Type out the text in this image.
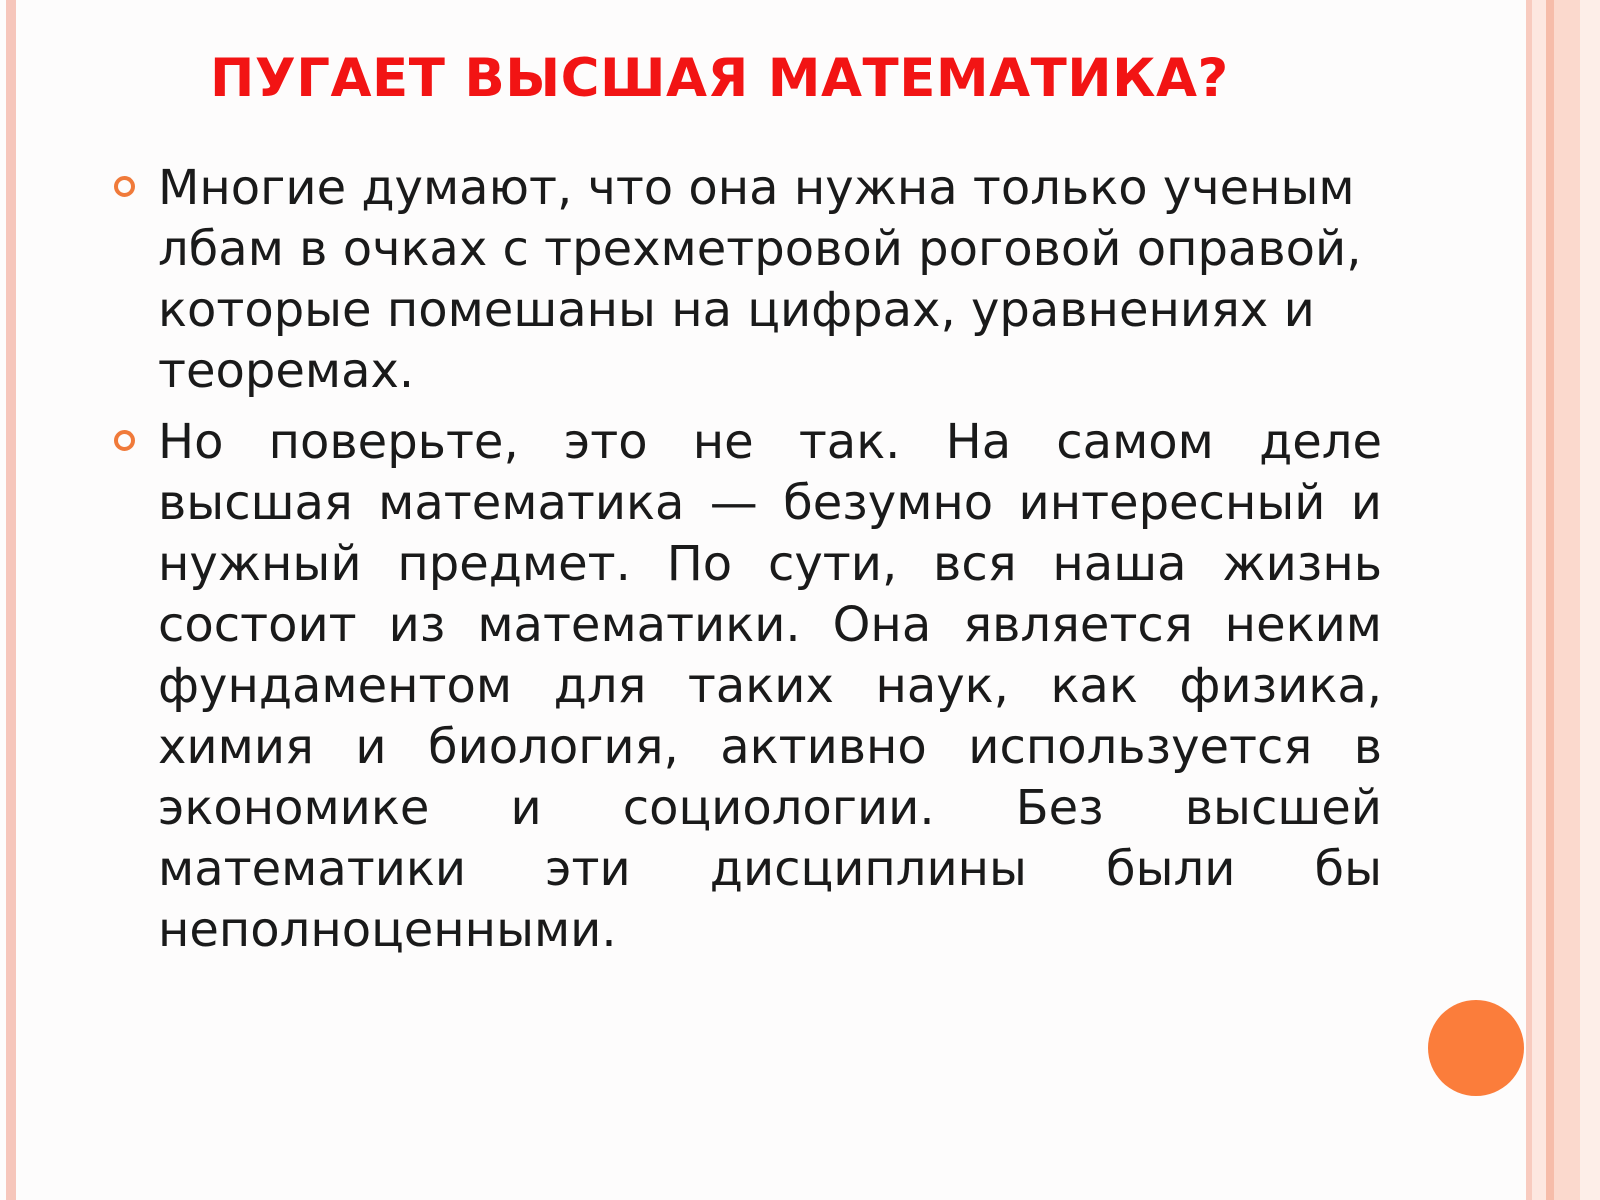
ПУГАЕТ ВЫСШАЯ МАТЕМАТИКА?
Многие думают, что она нужна только ученым лбам в очках с трехметровой роговой оправой, которые помешаны на цифрах, уравнениях и теоремах.
Но поверьте, это не так. На самом деле высшая математика — безумно интересный и нужный предмет. По сути, вся наша жизнь состоит из математики. Она является неким фундаментом для таких наук, как физика, химия и биология, активно используется в экономике и социологии. Без высшей математики эти дисциплины были бы неполноценными.
